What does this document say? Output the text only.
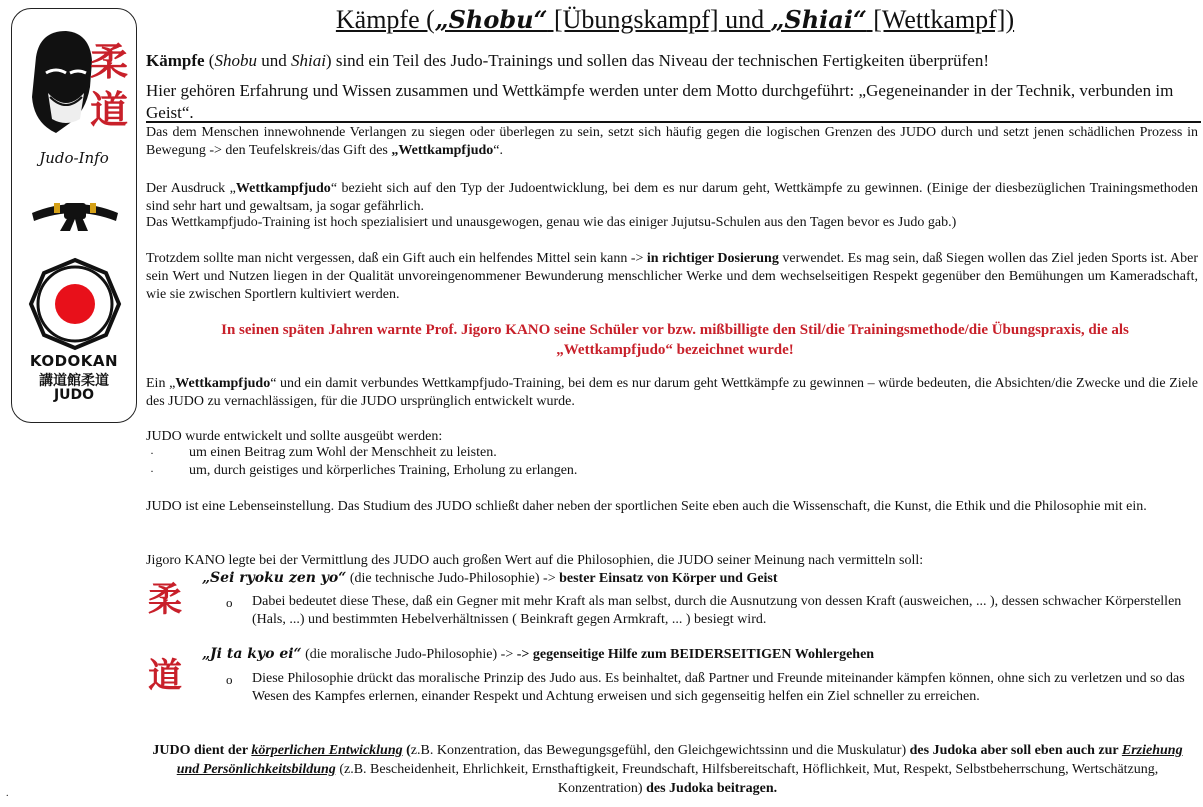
柔
道
Judo-Info
KODOKAN
講道館柔道
JUDO
Kämpfe („Shobu“ [Übungskampf] und „Shiai“ [Wettkampf])
Kämpfe (Shobu und Shiai) sind ein Teil des Judo-Trainings und sollen das Niveau der technischen Fertigkeiten überprüfen!
Hier gehören Erfahrung und Wissen zusammen und Wettkämpfe werden unter dem Motto durchgeführt: „Gegeneinander in der Technik, verbunden im Geist“.
Das dem Menschen innewohnende Verlangen zu siegen oder überlegen zu sein, setzt sich häufig gegen die logischen Grenzen des JUDO durch und setzt jenen schädlichen Prozess in Bewegung -> den Teufelskreis/das Gift des „Wettkampfjudo“.
Der Ausdruck „Wettkampfjudo“ bezieht sich auf den Typ der Judoentwicklung, bei dem es nur darum geht, Wettkämpfe zu gewinnen. (Einige der diesbezüglichen Trainingsmethoden sind sehr hart und gewaltsam, ja sogar gefährlich.
Das Wettkampfjudo-Training ist hoch spezialisiert und unausgewogen, genau wie das einiger Jujutsu-Schulen aus den Tagen bevor es Judo gab.)
Trotzdem sollte man nicht vergessen, daß ein Gift auch ein helfendes Mittel sein kann -> in richtiger Dosierung verwendet. Es mag sein, daß Siegen wollen das Ziel jeden Sports ist. Aber sein Wert und Nutzen liegen in der Qualität unvoreingenommener Bewunderung menschlicher Werke und dem wechselseitigen Respekt gegenüber den Bemühungen um Kameradschaft, wie sie zwischen Sportlern kultiviert werden.
In seinen späten Jahren warnte Prof. Jigoro KANO seine Schüler vor bzw. mißbilligte den Stil/die Trainingsmethode/die Übungspraxis, die als „Wettkampfjudo“ bezeichnet wurde!
Ein „Wettkampfjudo“ und ein damit verbundes Wettkampfjudo-Training, bei dem es nur darum geht Wettkämpfe zu gewinnen – würde bedeuten, die Absichten/die Zwecke und die Ziele des JUDO zu vernachlässigen, für die JUDO ursprünglich entwickelt wurde.
JUDO wurde entwickelt und sollte ausgeübt werden:
·	um einen Beitrag zum Wohl der Menschheit zu leisten.
·	um, durch geistiges und körperliches Training, Erholung zu erlangen.
JUDO ist eine Lebenseinstellung. Das Studium des JUDO schließt daher neben der sportlichen Seite eben auch die Wissenschaft, die Kunst, die Ethik und die Philosophie mit ein.
Jigoro KANO legte bei der Vermittlung des JUDO auch großen Wert auf die Philosophien, die JUDO seiner Meinung nach vermitteln soll:
柔
„Sei ryoku zen yo“ (die technische Judo-Philosophie) -> bester Einsatz von Körper und Geist
o Dabei bedeutet diese These, daß ein Gegner mit mehr Kraft als man selbst, durch die Ausnutzung von dessen Kraft (ausweichen, ... ), dessen schwacher Körperstellen (Hals, ...) und bestimmten Hebelverhältnissen ( Beinkraft gegen Armkraft, ... ) besiegt wird.
道
„Ji ta kyo ei“ (die moralische Judo-Philosophie) -> -> gegenseitige Hilfe zum BEIDERSEITIGEN Wohlergehen
o Diese Philosophie drückt das moralische Prinzip des Judo aus. Es beinhaltet, daß Partner und Freunde miteinander kämpfen können, ohne sich zu verletzen und so das Wesen des Kampfes erlernen, einander Respekt und Achtung erweisen und sich gegenseitig helfen ein Ziel schneller zu erreichen.
JUDO dient der körperlichen Entwicklung (z.B. Konzentration, das Bewegungsgefühl, den Gleichgewichtssinn und die Muskulatur) des Judoka aber soll eben auch zur Erziehung und Persönlichkeitsbildung (z.B. Bescheidenheit, Ehrlichkeit, Ernsthaftigkeit, Freundschaft, Hilfsbereitschaft, Höflichkeit, Mut, Respekt, Selbstbeherrschung, Wertschätzung, Konzentration) des Judoka beitragen.
.
